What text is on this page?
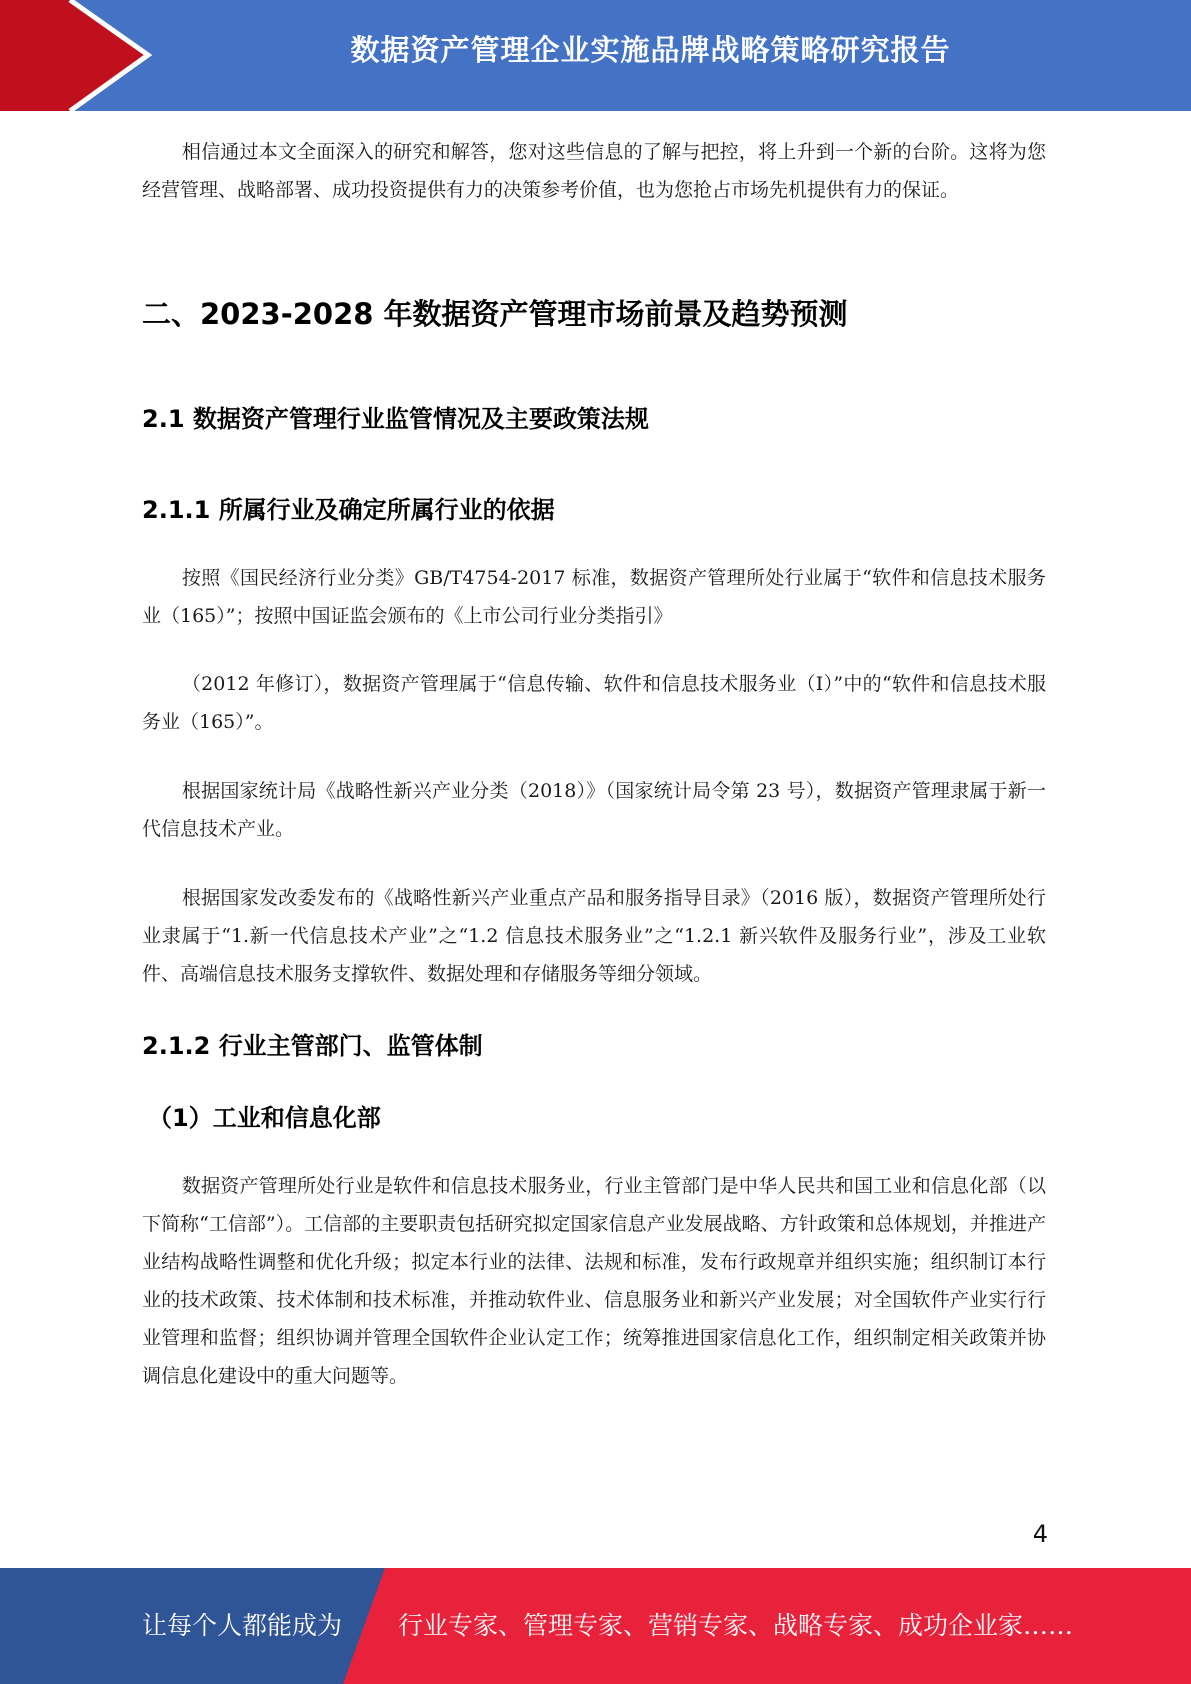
数据资产管理企业实施品牌战略策略研究报告

相信通过本文全面深入的研究和解答，您对这些信息的了解与把控，将上升到一个新的台阶。这将为您经营管理、战略部署、成功投资提供有力的决策参考价值，也为您抢占市场先机提供有力的保证。

二、2023-2028 年数据资产管理市场前景及趋势预测
2.1 数据资产管理行业监管情况及主要政策法规
2.1.1 所属行业及确定所属行业的依据

按照《国民经济行业分类》GB/T4754-2017 标准，数据资产管理所处行业属于“软件和信息技术服务业（165）”；按照中国证监会颁布的《上市公司行业分类指引》

（2012 年修订），数据资产管理属于“信息传输、软件和信息技术服务业（I）”中的“软件和信息技术服务业（165）”。

根据国家统计局《战略性新兴产业分类（2018）》（国家统计局令第 23 号），数据资产管理隶属于新一代信息技术产业。

根据国家发改委发布的《战略性新兴产业重点产品和服务指导目录》（2016 版），数据资产管理所处行业隶属于“1.新一代信息技术产业”之“1.2 信息技术服务业”之“1.2.1 新兴软件及服务行业”，涉及工业软件、高端信息技术服务支撑软件、数据处理和存储服务等细分领域。

2.1.2 行业主管部门、监管体制
（1）工业和信息化部

数据资产管理所处行业是软件和信息技术服务业，行业主管部门是中华人民共和国工业和信息化部（以下简称“工信部”）。工信部的主要职责包括研究拟定国家信息产业发展战略、方针政策和总体规划，并推进产业结构战略性调整和优化升级；拟定本行业的法律、法规和标准，发布行政规章并组织实施；组织制订本行业的技术政策、技术体制和技术标准，并推动软件业、信息服务业和新兴产业发展；对全国软件产业实行行业管理和监督；组织协调并管理全国软件企业认定工作；统筹推进国家信息化工作，组织制定相关政策并协调信息化建设中的重大问题等。

4
让每个人都能成为 行业专家、管理专家、营销专家、战略专家、成功企业家……
